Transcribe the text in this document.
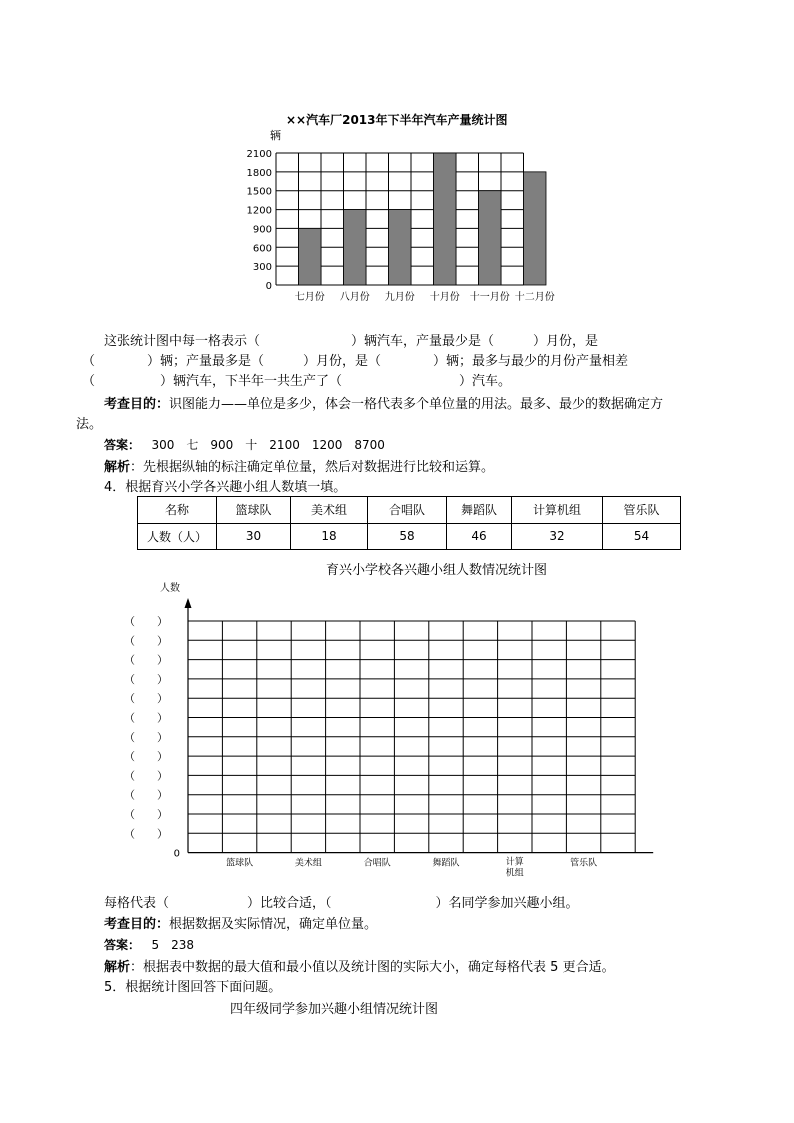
××汽车厂2013年下半年汽车产量统计图
0
300
600
900
1200
1500
1800
2100
辆
七月份 八月份 九月份 十月份 十一月份 十二月份
这张统计图中每一格表示（　　　　　　　）辆汽车，产量最少是（　　　）月份，是
（　　　　）辆；产量最多是（　　　）月份，是（　　　　）辆；最多与最少的月份产量相差
（　　　　　）辆汽车，下半年一共生产了（　　　　　　　　　）汽车。
考查目的：识图能力——单位是多少，体会一格代表多个单位量的用法。最多、最少的数据确定方
法。
答案： 300　七　900　十　2100　1200　8700
解析：先根据纵轴的标注确定单位量，然后对数据进行比较和运算。
4．根据育兴小学各兴趣小组人数填一填。
名称	篮球队	美术组	合唱队	舞蹈队	计算机组	管乐队
人数（人）	30	18	58	46	32	54
育兴小学校各兴趣小组人数情况统计图
人数
0
（　　）
（　　）
（　　）
（　　）
（　　）
（　　）
（　　）
（　　）
（　　）
（　　）
（　　）
（　　）
篮球队	美术组	合唱队	舞蹈队	计算
机组
管乐队
每格代表（　　　　　　）比较合适，（　　　　　　　　）名同学参加兴趣小组。
考查目的：根据数据及实际情况，确定单位量。
答案： 5　238
解析：根据表中数据的最大值和最小值以及统计图的实际大小，确定每格代表 5 更合适。
5．根据统计图回答下面问题。
四年级同学参加兴趣小组情况统计图
